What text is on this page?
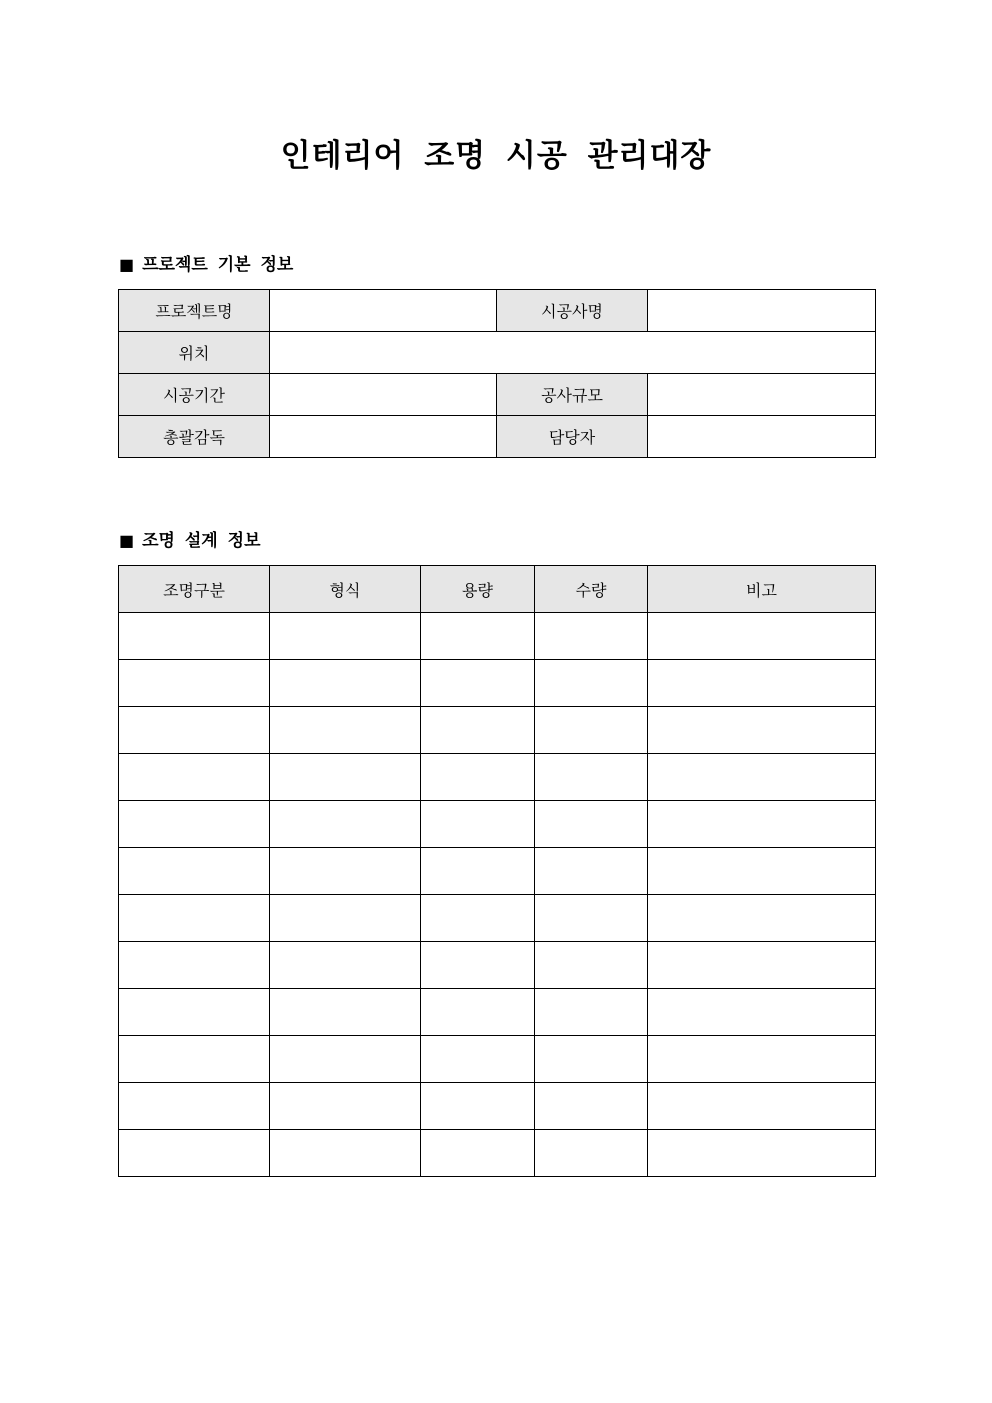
인테리어 조명 시공 관리대장
■ 프로젝트 기본 정보
프로젝트명		시공사명	
위치			
시공기간		공사규모	
총괄감독		담당자	
■ 조명 설계 정보
조명구분	형식	용량	수량	비고
